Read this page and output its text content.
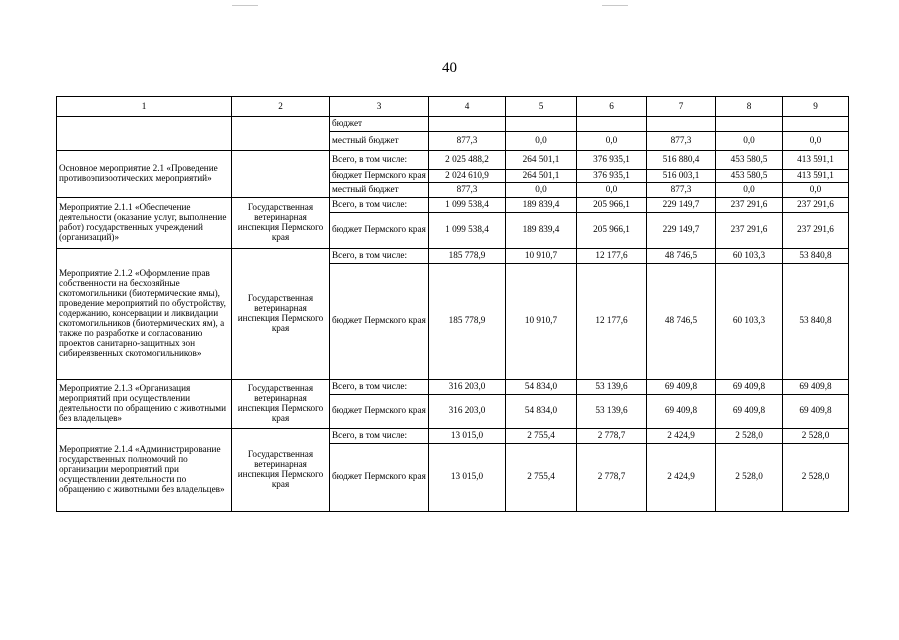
40
1	2	3	4	5	6	7	8	9
		бюджет						
		местный бюджет	877,3	0,0	0,0	877,3	0,0	0,0
Основное мероприятие 2.1 «Проведение противоэпизоотических мероприятий»		Всего, в том числе:	2 025 488,2	264 501,1	376 935,1	516 880,4	453 580,5	413 591,1
		бюджет Пермского края	2 024 610,9	264 501,1	376 935,1	516 003,1	453 580,5	413 591,1
		местный бюджет	877,3	0,0	0,0	877,3	0,0	0,0
Мероприятие 2.1.1 «Обеспечение деятельности (оказание услуг, выполнение работ) государственных учреждений (организаций)»	Государственная ветеринарная инспекция Пермского края	Всего, в том числе:	1 099 538,4	189 839,4	205 966,1	229 149,7	237 291,6	237 291,6
		бюджет Пермского края	1 099 538,4	189 839,4	205 966,1	229 149,7	237 291,6	237 291,6
Мероприятие 2.1.2 «Оформление прав собственности на бесхозяйные скотомогильники (биотермические ямы), проведение мероприятий по обустройству, содержанию, консервации и ликвидации скотомогильников (биотермических ям), а также по разработке и согласованию проектов санитарно-защитных зон сибиреязвенных скотомогильников»	Государственная ветеринарная инспекция Пермского края	Всего, в том числе:	185 778,9	10 910,7	12 177,6	48 746,5	60 103,3	53 840,8
		бюджет Пермского края	185 778,9	10 910,7	12 177,6	48 746,5	60 103,3	53 840,8
Мероприятие 2.1.3 «Организация мероприятий при осуществлении деятельности по обращению с животными без владельцев»	Государственная ветеринарная инспекция Пермского края	Всего, в том числе:	316 203,0	54 834,0	53 139,6	69 409,8	69 409,8	69 409,8
		бюджет Пермского края	316 203,0	54 834,0	53 139,6	69 409,8	69 409,8	69 409,8
Мероприятие 2.1.4 «Администрирование государственных полномочий по организации мероприятий при осуществлении деятельности по обращению с животными без владельцев»	Государственная ветеринарная инспекция Пермского края	Всего, в том числе:	13 015,0	2 755,4	2 778,7	2 424,9	2 528,0	2 528,0
		бюджет Пермского края	13 015,0	2 755,4	2 778,7	2 424,9	2 528,0	2 528,0
